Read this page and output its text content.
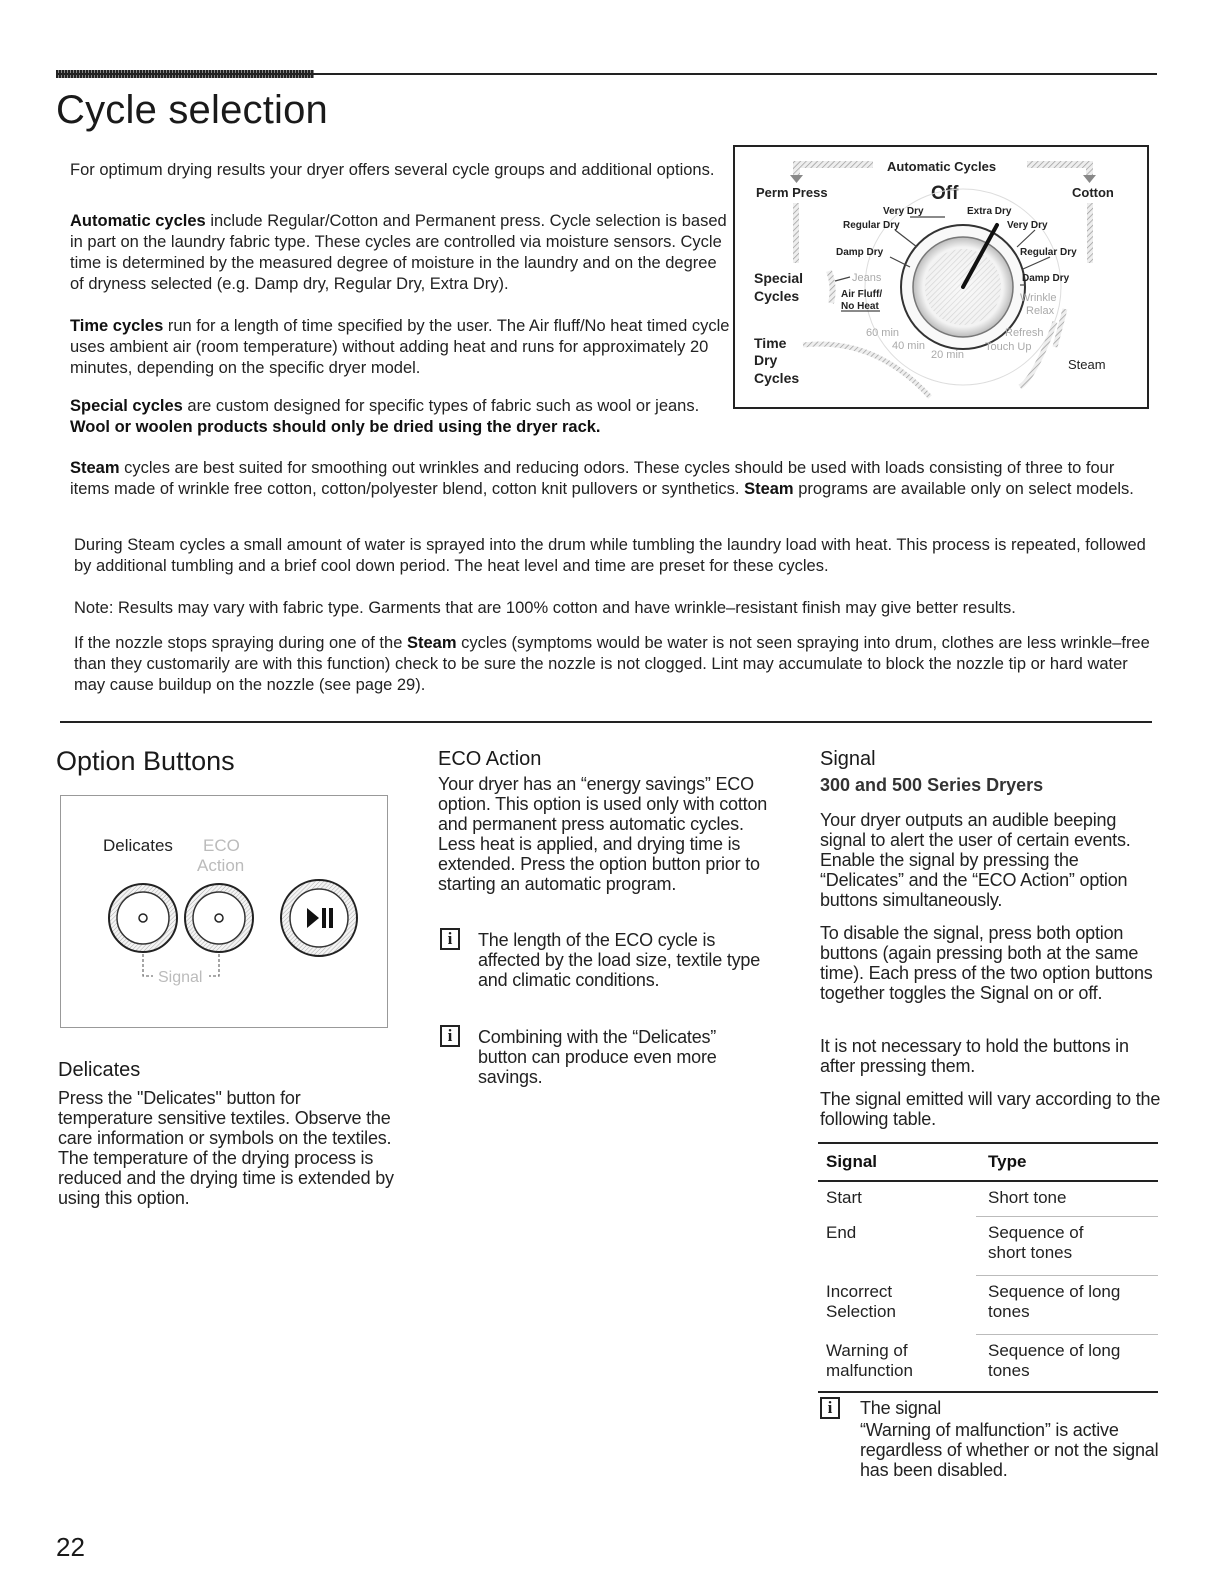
Cycle selection
For optimum drying results your dryer offers several cycle groups and additional options.
Automatic cycles include Regular/Cotton and Permanent press. Cycle selection is based in part on the laundry fabric type. These cycles are controlled via moisture sensors. Cycle time is determined by the measured degree of moisture in the laundry and on the degree of dryness selected (e.g. Damp dry, Regular Dry, Extra Dry).
Time cycles run for a length of time specified by the user. The Air fluff/No heat timed cycle uses ambient air (room temperature) without adding heat and runs for approximately 20 minutes, depending on the specific dryer model.
Special cycles are custom designed for specific types of fabric such as wool or jeans.
Wool or woolen products should only be dried using the dryer rack.
Automatic Cycles
Perm Press	Off	Cotton
Very Dry	Extra Dry
Regular Dry	Very Dry
Damp Dry	Regular Dry
Special
Cycles
Jeans	Damp Dry
Air Fluff/
No Heat
Wrinkle
Relax
60 min	Refresh
Time
Dry
Cycles
40 min
20 min
Touch Up
Steam
Steam cycles are best suited for smoothing out wrinkles and reducing odors. These cycles should be used with loads consisting of three to four items made of wrinkle free cotton, cotton/polyester blend, cotton knit pullovers or synthetics. Steam programs are available only on select models.
During Steam cycles a small amount of water is sprayed into the drum while tumbling the laundry load with heat. This process is repeated, followed by additional tumbling and a brief cool down period. The heat level and time are preset for these cycles.
Note: Results may vary with fabric type. Garments that are 100% cotton and have wrinkle–resistant finish may give better results.
If the nozzle stops spraying during one of the Steam cycles (symptoms would be water is not seen spraying into drum, clothes are less wrinkle–free than they customarily are with this function) check to be sure the nozzle is not clogged. Lint may accumulate to block the nozzle tip or hard water may cause buildup on the nozzle (see page 29).
Option Buttons
Delicates ECO
Action
Signal
Delicates
Press the "Delicates" button for temperature sensitive textiles. Observe the care information or symbols on the textiles. The temperature of the drying process is reduced and the drying time is extended by using this option.
ECO Action
Your dryer has an “energy savings” ECO option. This option is used only with cotton and permanent press automatic cycles. Less heat is applied, and drying time is extended. Press the option button prior to starting an automatic program.
i	The length of the ECO cycle is affected by the load size, textile type and climatic conditions.
i	Combining with the “Delicates” button can produce even more savings.
Signal
300 and 500 Series Dryers
Your dryer outputs an audible beeping signal to alert the user of certain events. Enable the signal by pressing the “Delicates” and the “ECO Action” option buttons simultaneously.
To disable the signal, press both option buttons (again pressing both at the same time). Each press of the two option buttons together toggles the Signal on or off.
It is not necessary to hold the buttons in after pressing them.
The signal emitted will vary according to the following table.
Signal	Type
Start	Short tone
End	Sequence of short tones
Incorrect Selection	Sequence of long tones
Warning of malfunction	Sequence of long tones
i	The signal
“Warning of malfunction” is active regardless of whether or not the signal has been disabled.
22
